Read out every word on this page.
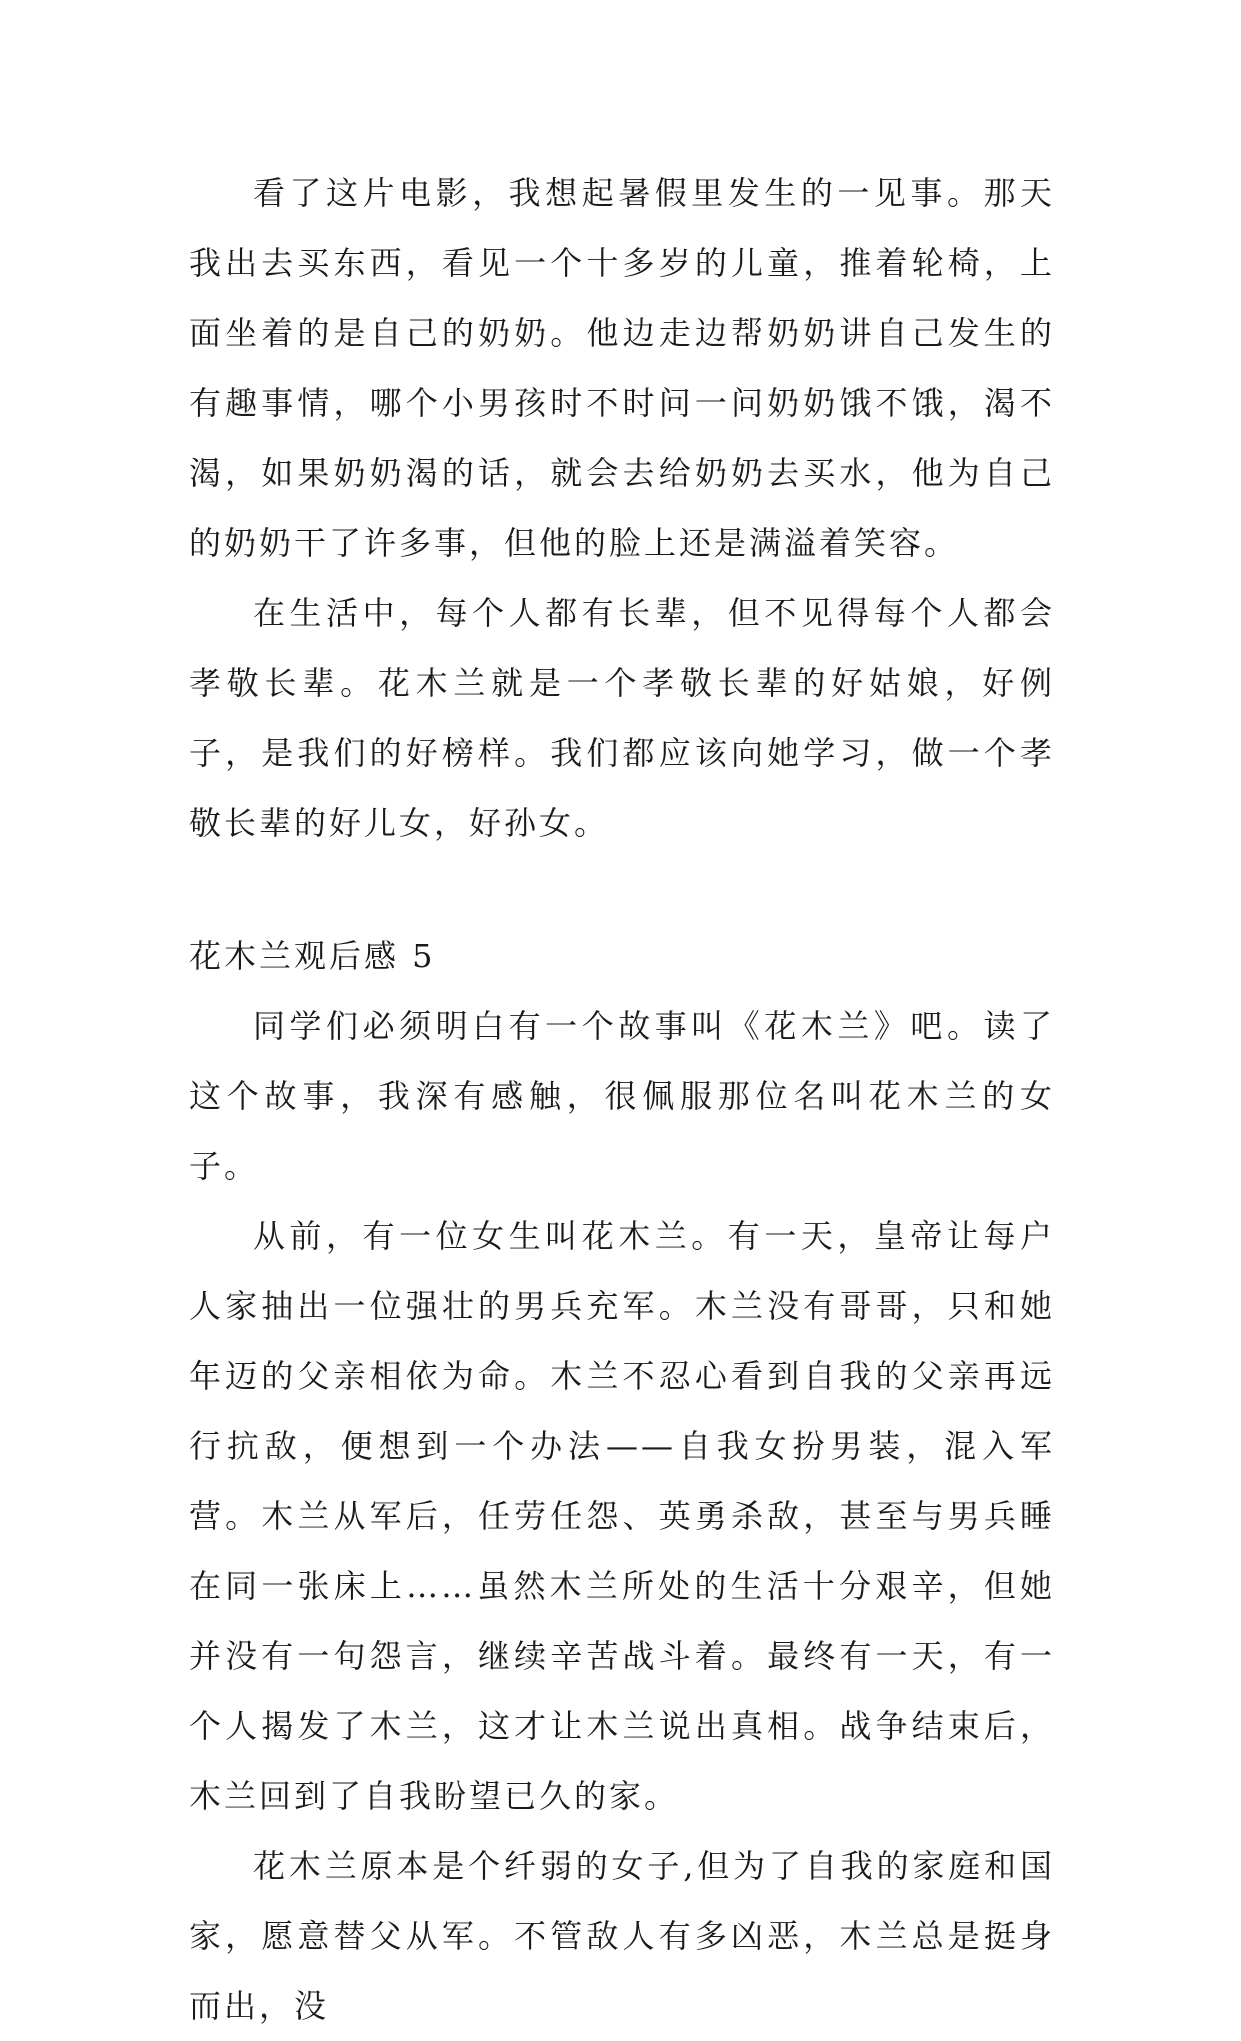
看了这片电影，我想起暑假里发生的一见事。那天我出去买东西，看见一个十多岁的儿童，推着轮椅，上面坐着的是自己的奶奶。他边走边帮奶奶讲自己发生的有趣事情，哪个小男孩时不时问一问奶奶饿不饿，渴不渴，如果奶奶渴的话，就会去给奶奶去买水，他为自己的奶奶干了许多事，但他的脸上还是满溢着笑容。

在生活中，每个人都有长辈，但不见得每个人都会孝敬长辈。花木兰就是一个孝敬长辈的好姑娘，好例子，是我们的好榜样。我们都应该向她学习，做一个孝敬长辈的好儿女，好孙女。

花木兰观后感 5

同学们必须明白有一个故事叫《花木兰》吧。读了这个故事，我深有感触，很佩服那位名叫花木兰的女子。

从前，有一位女生叫花木兰。有一天，皇帝让每户人家抽出一位强壮的男兵充军。木兰没有哥哥，只和她年迈的父亲相依为命。木兰不忍心看到自我的父亲再远行抗敌，便想到一个办法——自我女扮男装，混入军营。木兰从军后，任劳任怨、英勇杀敌，甚至与男兵睡在同一张床上……虽然木兰所处的生活十分艰辛，但她并没有一句怨言，继续辛苦战斗着。最终有一天，有一个人揭发了木兰，这才让木兰说出真相。战争结束后，木兰回到了自我盼望已久的家。

花木兰原本是个纤弱的女子,但为了自我的家庭和国家，愿意替父从军。不管敌人有多凶恶，木兰总是挺身而出，没
